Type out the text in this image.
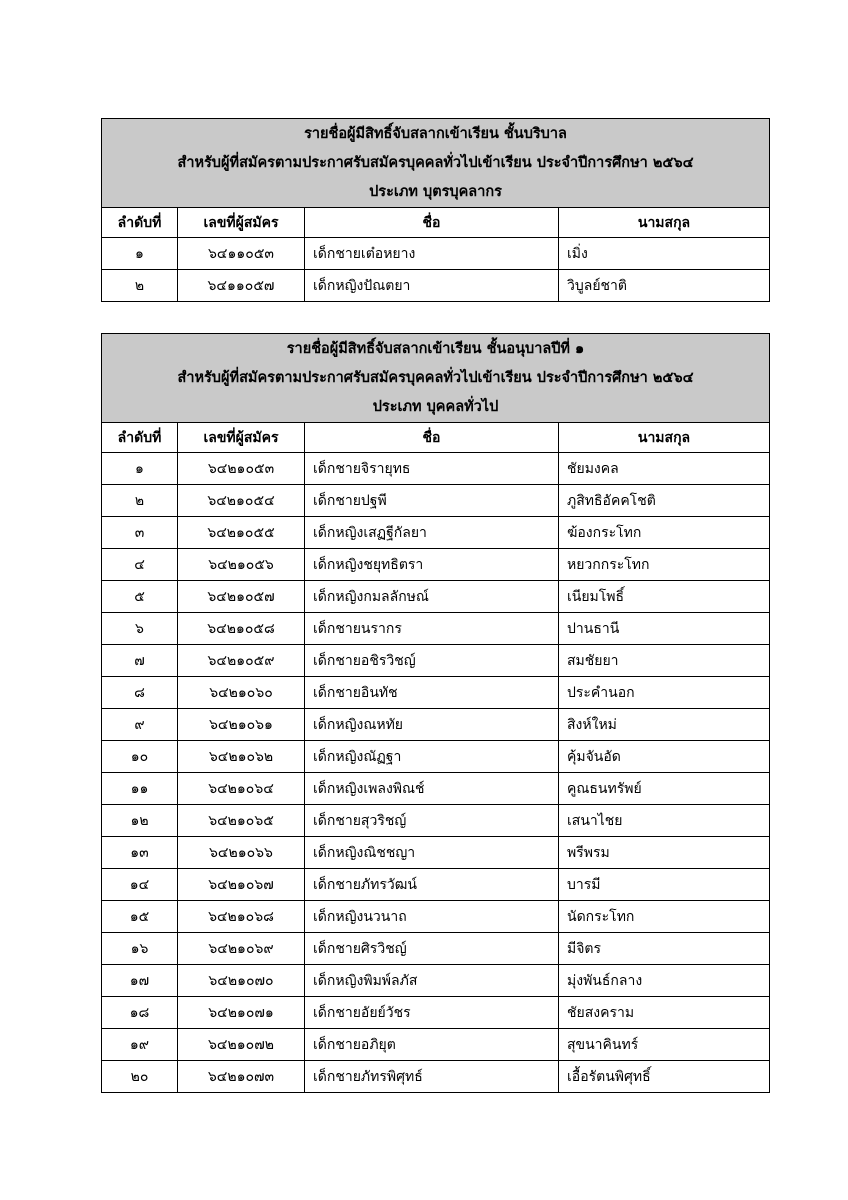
รายชื่อผู้มีสิทธิ์จับสลากเข้าเรียน ชั้นบริบาล
สำหรับผู้ที่สมัครตามประกาศรับสมัครบุคคลทั่วไปเข้าเรียน ประจำปีการศึกษา ๒๕๖๔
ประเภท บุตรบุคลากร			

ลำดับที่	เลขที่ผู้สมัคร	ชื่อ	นามสกุล
๑	๖๔๑๑๐๕๓	เด็กชายเต๋อหยาง	เมิ่ง
๒	๖๔๑๑๐๕๗	เด็กหญิงปัณตยา	วิบูลย์ชาติ
รายชื่อผู้มีสิทธิ์จับสลากเข้าเรียน ชั้นอนุบาลปีที่ ๑
สำหรับผู้ที่สมัครตามประกาศรับสมัครบุคคลทั่วไปเข้าเรียน ประจำปีการศึกษา ๒๕๖๔
ประเภท บุคคลทั่วไป			

ลำดับที่	เลขที่ผู้สมัคร	ชื่อ	นามสกุล
๑	๖๔๒๑๐๕๓	เด็กชายจิรายุทธ	ชัยมงคล
๒	๖๔๒๑๐๕๔	เด็กชายปฐพี	ภูสิทธิอัคคโชติ
๓	๖๔๒๑๐๕๕	เด็กหญิงเสฏฐีกัลยา	ฆ้องกระโทก
๔	๖๔๒๑๐๕๖	เด็กหญิงชยุทธิตรา	หยวกกระโทก
๕	๖๔๒๑๐๕๗	เด็กหญิงกมลลักษณ์	เนียมโพธิ์
๖	๖๔๒๑๐๕๘	เด็กชายนรากร	ปานธานี
๗	๖๔๒๑๐๕๙	เด็กชายอชิรวิชญ์	สมชัยยา
๘	๖๔๒๑๐๖๐	เด็กชายอินทัช	ประคำนอก
๙	๖๔๒๑๐๖๑	เด็กหญิงณหทัย	สิงห์ใหม่
๑๐	๖๔๒๑๐๖๒	เด็กหญิงณัฏฐา	คุ้มจันอัด
๑๑	๖๔๒๑๐๖๔	เด็กหญิงเพลงพิณช์	คูณธนทรัพย์
๑๒	๖๔๒๑๐๖๕	เด็กชายสุวริชญ์	เสนาไชย
๑๓	๖๔๒๑๐๖๖	เด็กหญิงณิชชญา	พรีพรม
๑๔	๖๔๒๑๐๖๗	เด็กชายภัทรวัฒน์	บารมี
๑๕	๖๔๒๑๐๖๘	เด็กหญิงนวนาถ	นัดกระโทก
๑๖	๖๔๒๑๐๖๙	เด็กชายศิรวิชญ์	มีจิตร
๑๗	๖๔๒๑๐๗๐	เด็กหญิงพิมพ์ลภัส	มุ่งพันธ์กลาง
๑๘	๖๔๒๑๐๗๑	เด็กชายอัยย์วัชร	ชัยสงคราม
๑๙	๖๔๒๑๐๗๒	เด็กชายอภิยุต	สุขนาคินทร์
๒๐	๖๔๒๑๐๗๓	เด็กชายภัทรพิศุทธ์	เอื้อรัตนพิศุทธิ์
